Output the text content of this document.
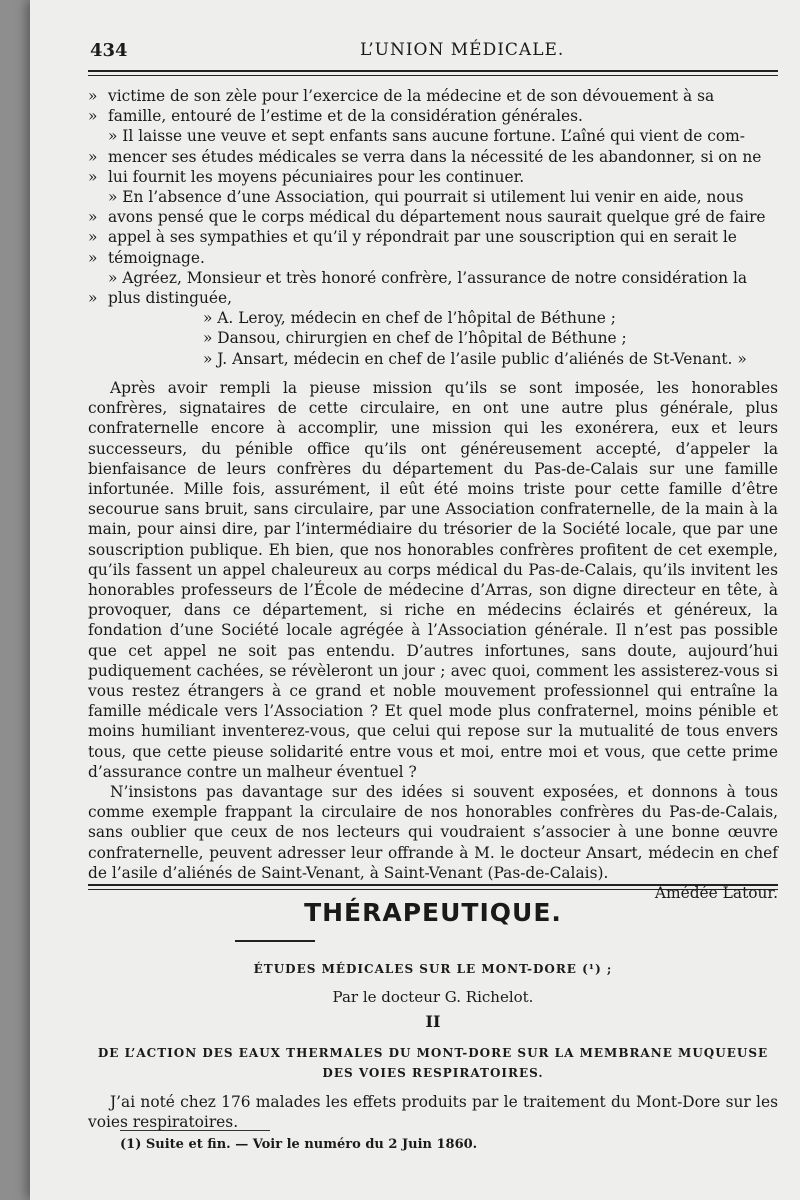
434	L’UNION MÉDICALE.

» victime de son zèle pour l’exercice de la médecine et de son dévouement à sa

» famille, entouré de l’estime et de la considération générales.

» Il laisse une veuve et sept enfants sans aucune fortune. L’aîné qui vient de com-

» mencer ses études médicales se verra dans la nécessité de les abandonner, si on ne

» lui fournit les moyens pécuniaires pour les continuer.

» En l’absence d’une Association, qui pourrait si utilement lui venir en aide, nous

» avons pensé que le corps médical du département nous saurait quelque gré de faire

» appel à ses sympathies et qu’il y répondrait par une souscription qui en serait le

» témoignage.

» Agréez, Monsieur et très honoré confrère, l’assurance de notre considération la

» plus distinguée,

» A. Leroy, médecin en chef de l’hôpital de Béthune ;

» Dansou, chirurgien en chef de l’hôpital de Béthune ;

» J. Ansart, médecin en chef de l’asile public d’aliénés de St-Venant. »

Après avoir rempli la pieuse mission qu’ils se sont imposée, les honorables confrères, signataires de cette circulaire, en ont une autre plus générale, plus confraternelle encore à accomplir, une mission qui les exonérera, eux et leurs successeurs, du pénible office qu’ils ont généreusement accepté, d’appeler la bienfaisance de leurs confrères du département du Pas-de-Calais sur une famille infortunée. Mille fois, assurément, il eût été moins triste pour cette famille d’être secourue sans bruit, sans circulaire, par une Association confraternelle, de la main à la main, pour ainsi dire, par l’intermédiaire du trésorier de la Société locale, que par une souscription publique. Eh bien, que nos honorables confrères profitent de cet exemple, qu’ils fassent un appel chaleureux au corps médical du Pas-de-Calais, qu’ils invitent les honorables professeurs de l’École de médecine d’Arras, son digne directeur en tête, à provoquer, dans ce département, si riche en médecins éclairés et généreux, la fondation d’une Société locale agrégée à l’Association générale. Il n’est pas possible que cet appel ne soit pas entendu. D’autres infortunes, sans doute, aujourd’hui pudiquement cachées, se révèleront un jour ; avec quoi, comment les assisterez-vous si vous restez étrangers à ce grand et noble mouvement professionnel qui entraîne la famille médicale vers l’Association ? Et quel mode plus confraternel, moins pénible et moins humiliant inventerez-vous, que celui qui repose sur la mutualité de tous envers tous, que cette pieuse solidarité entre vous et moi, entre moi et vous, que cette prime d’assurance contre un malheur éventuel ?

N’insistons pas davantage sur des idées si souvent exposées, et donnons à tous comme exemple frappant la circulaire de nos honorables confrères du Pas-de-Calais, sans oublier que ceux de nos lecteurs qui voudraient s’associer à une bonne œuvre confraternelle, peuvent adresser leur offrande à M. le docteur Ansart, médecin en chef de l’asile d’aliénés de Saint-Venant, à Saint-Venant (Pas-de-Calais).

Amédée Latour.

THÉRAPEUTIQUE.
ÉTUDES MÉDICALES SUR LE MONT-DORE (¹) ;
Par le docteur G. Richelot.
II
DE L’ACTION DES EAUX THERMALES DU MONT-DORE SUR LA MEMBRANE MUQUEUSE
DES VOIES RESPIRATOIRES.

J’ai noté chez 176 malades les effets produits par le traitement du Mont-Dore sur les voies respiratoires.

(1) Suite et fin. — Voir le numéro du 2 Juin 1860.
